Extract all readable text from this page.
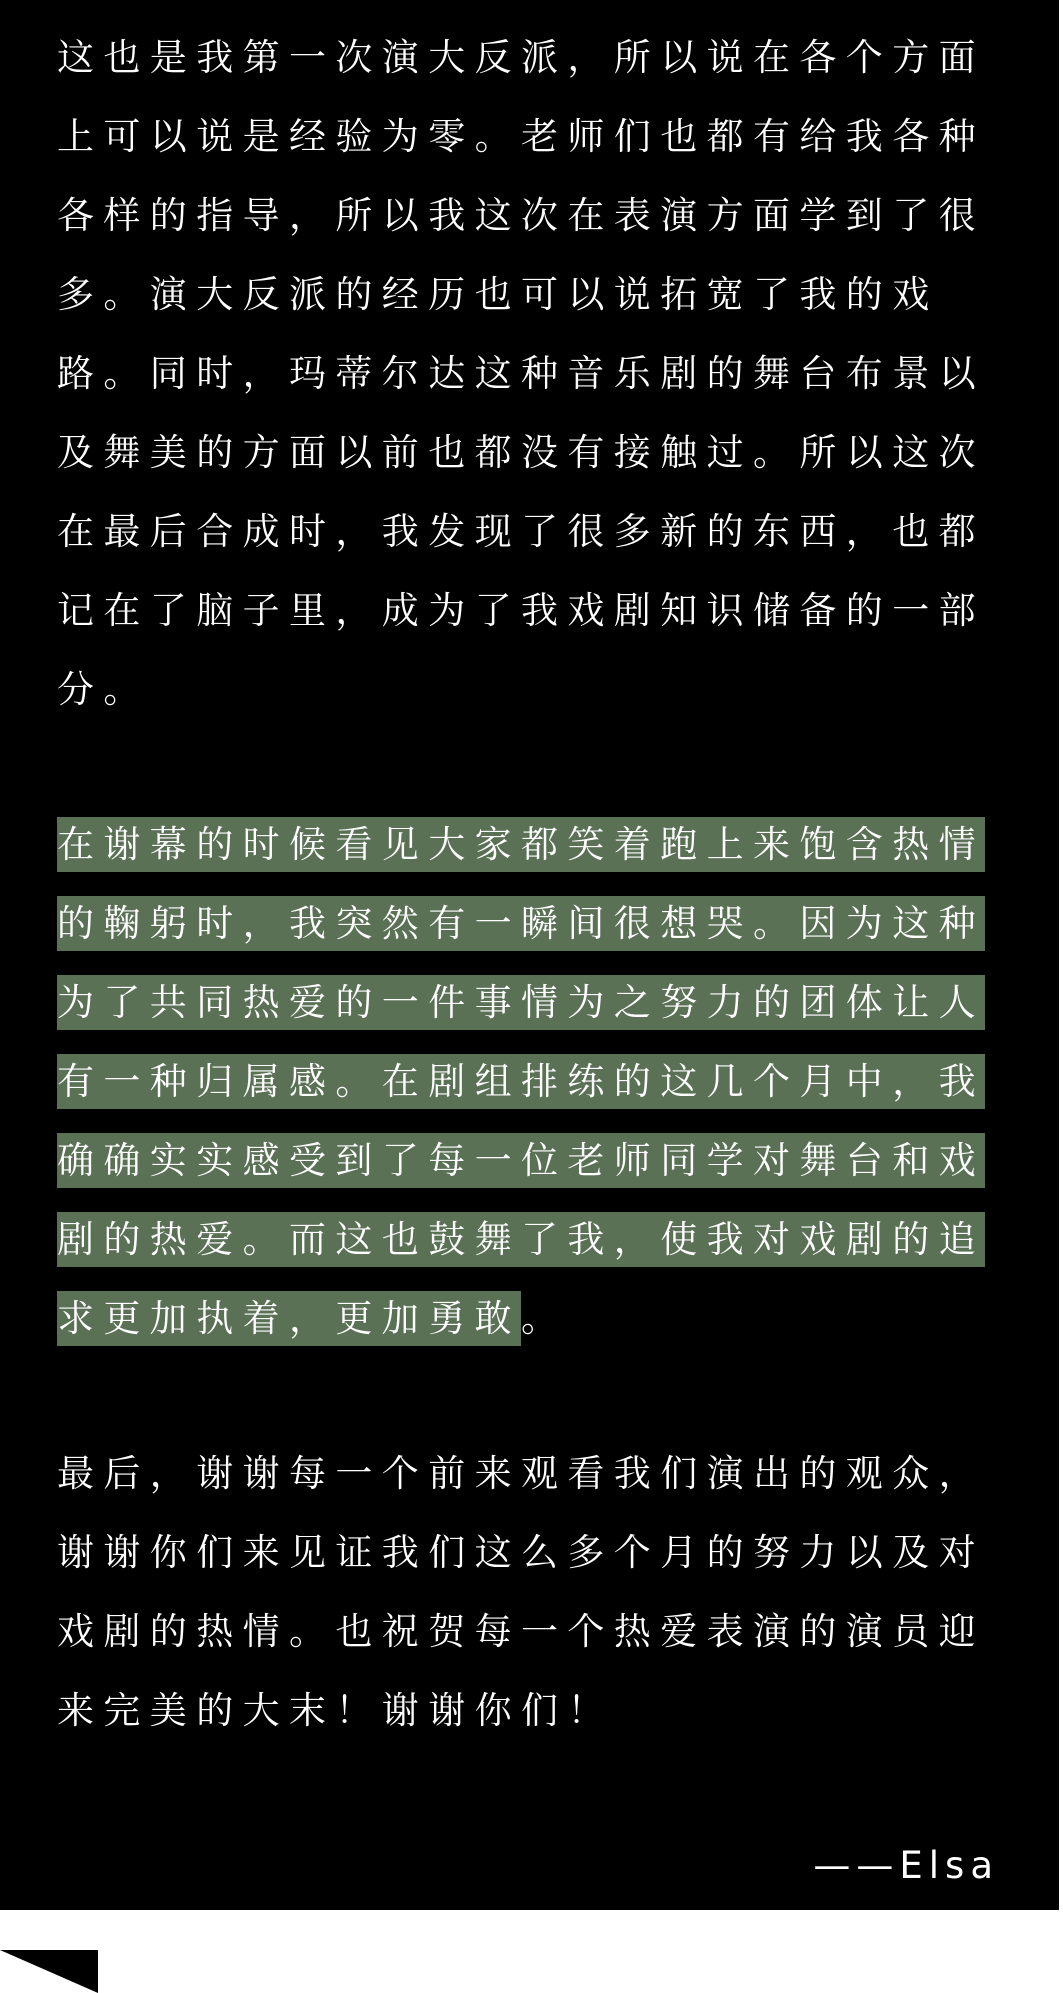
这也是我第一次演大反派，所以说在各个方面上可以说是经验为零。老师们也都有给我各种各样的指导，所以我这次在表演方面学到了很多。演大反派的经历也可以说拓宽了我的戏路。同时，玛蒂尔达这种音乐剧的舞台布景以及舞美的方面以前也都没有接触过。所以这次在最后合成时，我发现了很多新的东西，也都记在了脑子里，成为了我戏剧知识储备的一部分。

在谢幕的时候看见大家都笑着跑上来饱含热情的鞠躬时，我突然有一瞬间很想哭。因为这种为了共同热爱的一件事情为之努力的团体让人有一种归属感。在剧组排练的这几个月中，我确确实实感受到了每一位老师同学对舞台和戏剧的热爱。而这也鼓舞了我，使我对戏剧的追求更加执着，更加勇敢。

最后，谢谢每一个前来观看我们演出的观众，谢谢你们来见证我们这么多个月的努力以及对戏剧的热情。也祝贺每一个热爱表演的演员迎来完美的大末！谢谢你们！

——Elsa
